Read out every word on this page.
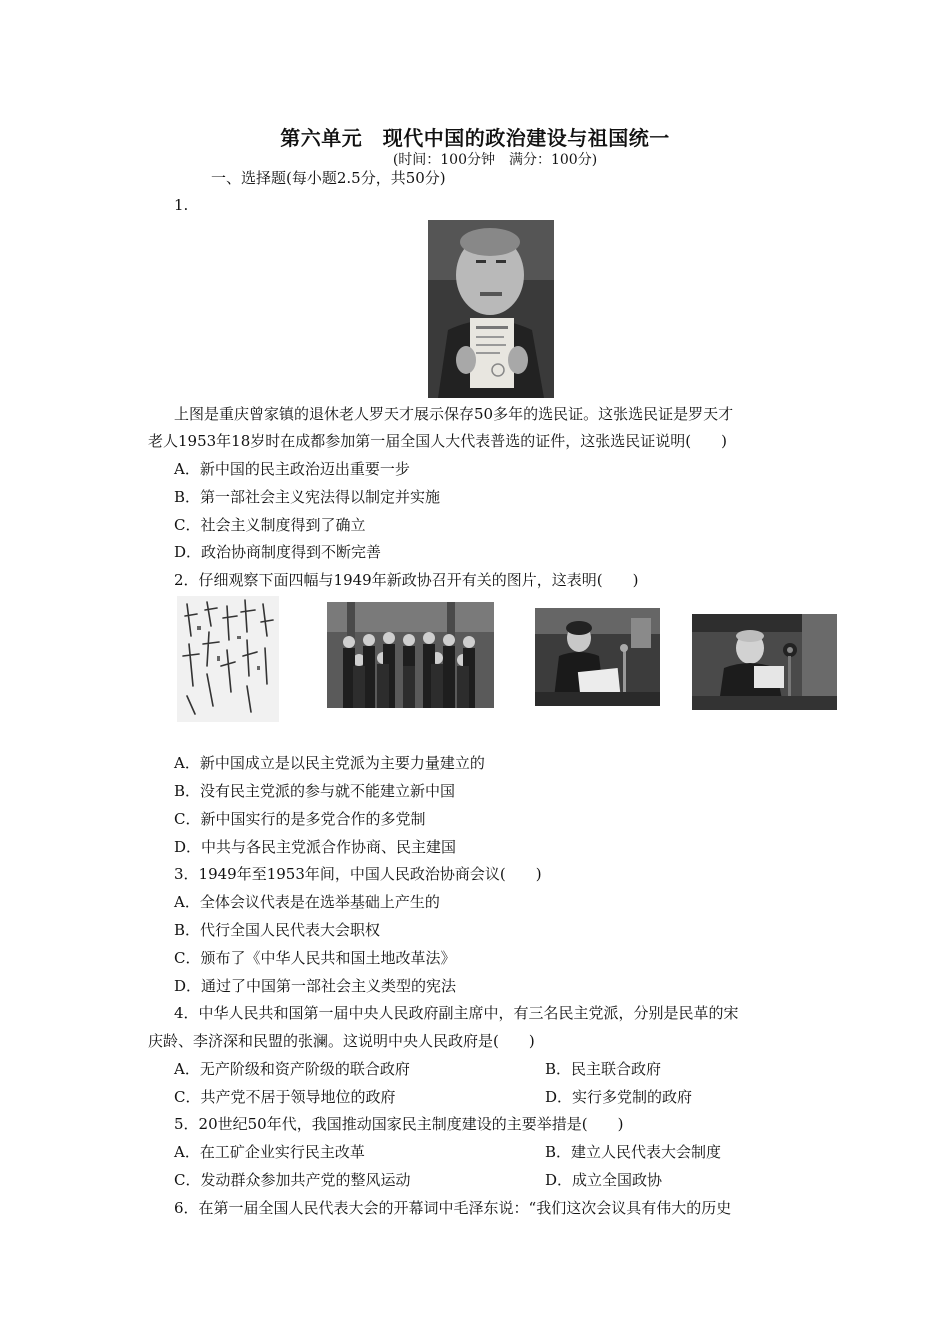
第六单元　现代中国的政治建设与祖国统一
(时间：100分钟　满分：100分)
一、选择题(每小题2.5分，共50分)
1.
上图是重庆曾家镇的退休老人罗天才展示保存50多年的选民证。这张选民证是罗天才
老人1953年18岁时在成都参加第一届全国人大代表普选的证件，这张选民证说明(　　)
A．新中国的民主政治迈出重要一步
B．第一部社会主义宪法得以制定并实施
C．社会主义制度得到了确立
D．政治协商制度得到不断完善
2．仔细观察下面四幅与1949年新政协召开有关的图片，这表明(　　)
A．新中国成立是以民主党派为主要力量建立的
B．没有民主党派的参与就不能建立新中国
C．新中国实行的是多党合作的多党制
D．中共与各民主党派合作协商、民主建国
3．1949年至1953年间，中国人民政治协商会议(　　)
A．全体会议代表是在选举基础上产生的
B．代行全国人民代表大会职权
C．颁布了《中华人民共和国土地改革法》
D．通过了中国第一部社会主义类型的宪法
4．中华人民共和国第一届中央人民政府副主席中，有三名民主党派，分别是民革的宋
庆龄、李济深和民盟的张澜。这说明中央人民政府是(　　)
A．无产阶级和资产阶级的联合政府	B．民主联合政府
C．共产党不居于领导地位的政府	D．实行多党制的政府
5．20世纪50年代，我国推动国家民主制度建设的主要举措是(　　)
A．在工矿企业实行民主改革	B．建立人民代表大会制度
C．发动群众参加共产党的整风运动	D．成立全国政协
6．在第一届全国人民代表大会的开幕词中毛泽东说：“我们这次会议具有伟大的历史
